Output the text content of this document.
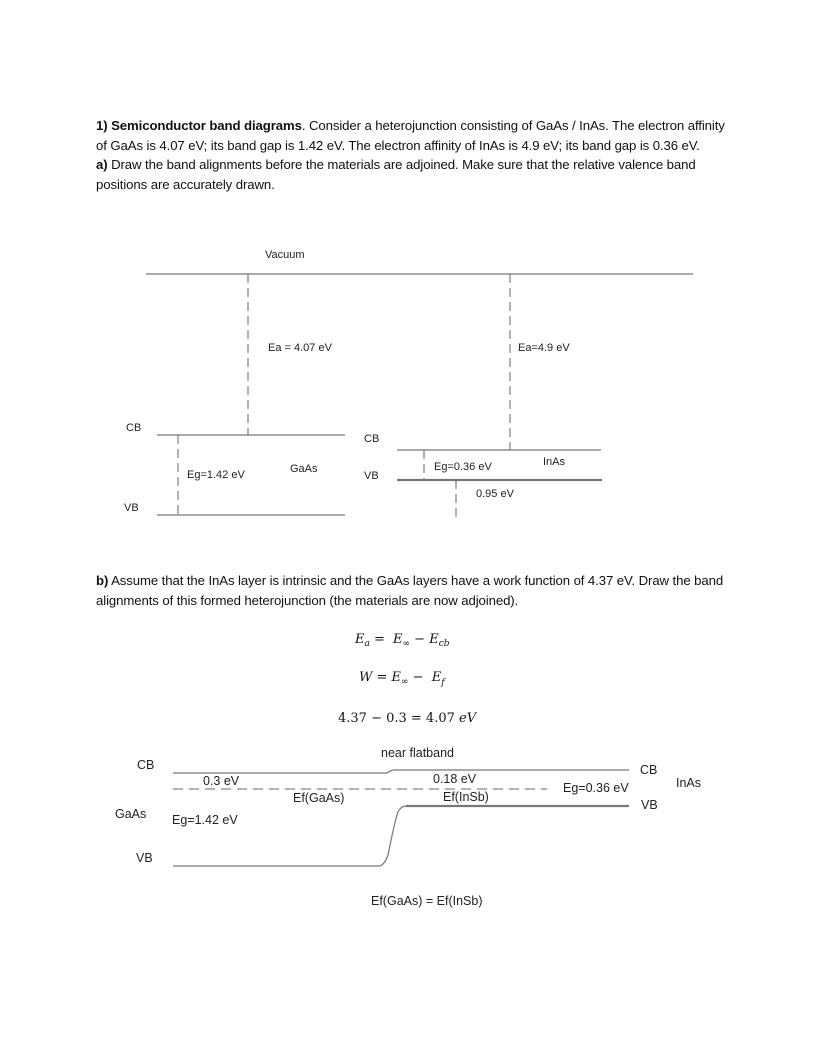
1) Semiconductor band diagrams. Consider a heterojunction consisting of GaAs / InAs. The electron affinity of GaAs is 4.07 eV; its band gap is 1.42 eV. The electron affinity of InAs is 4.9 eV; its band gap is 0.36 eV.
a) Draw the band alignments before the materials are adjoined. Make sure that the relative valence band positions are accurately drawn.
b) Assume that the InAs layer is intrinsic and the GaAs layers have a work function of 4.37 eV. Draw the band alignments of this formed heterojunction (the materials are now adjoined).
Vacuum
Ea = 4.07 eV
CB
Eg=1.42 eV	GaAs
VB
Ea=4.9 eV
CB
Eg=0.36 eV	InAs
VB
0.95 eV
Ea = E∞ − Ecb
$W = E\infty - E_f$
4.37 − 0.3 = 4.07 eV
near flatband
CB
0.3 eV	0.18 eV
Ef(GaAs)	Ef(InSb)
Eg=0.36 eV
CB
InAs
VB
GaAs Eg=1.42 eV
VB
Ef(GaAs) = Ef(InSb)
